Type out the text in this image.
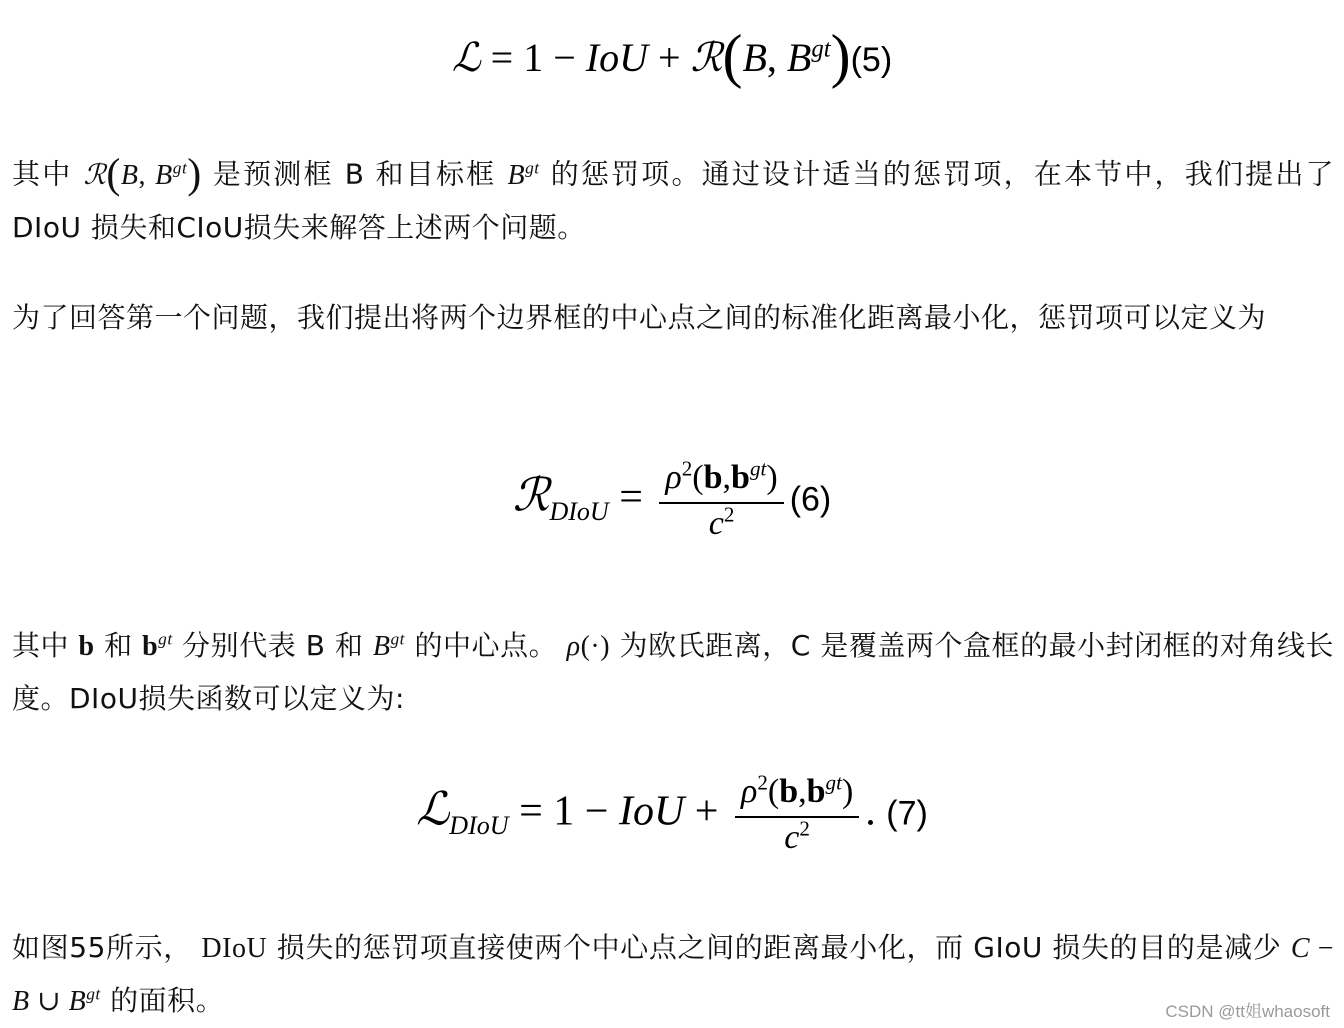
ℒ = 1 − IoU + ℛ(B, $B^{gt})(5)$
其中 ℛ(B, $B^{gt}$) 是预测框 B 和目标框 $B^{gt}$ 的惩罚项。通过设计适当的惩罚项，在本节中，我们提出了 DIoU 损失和CIoU损失来解答上述两个问题。
为了回答第一个问题，我们提出将两个边界框的中心点之间的标准化距离最小化，惩罚项可以定义为
ℛ$_{DIoU}$ = $\frac{\rho^2(b,b^{gt})}{c^2} (6)$
其中 b 和 $b^{gt}$ 分别代表 B 和 $B^{gt}$ 的中心点。 ρ(·) 为欧氏距离，C 是覆盖两个盒框的最小封闭框的对角线长度。DIoU损失函数可以定义为:
ℒ$_{DIoU}$ = 1 − IoU + $\frac{\rho^2(b,b^{gt})}{c^2}$ . (7)
如图55所示， DIoU 损失的惩罚项直接使两个中心点之间的距离最小化，而 GIoU 损失的目的是减少 C − B ∪ $B^{gt}$ 的面积。	CSDN @tt姐whaosoft
